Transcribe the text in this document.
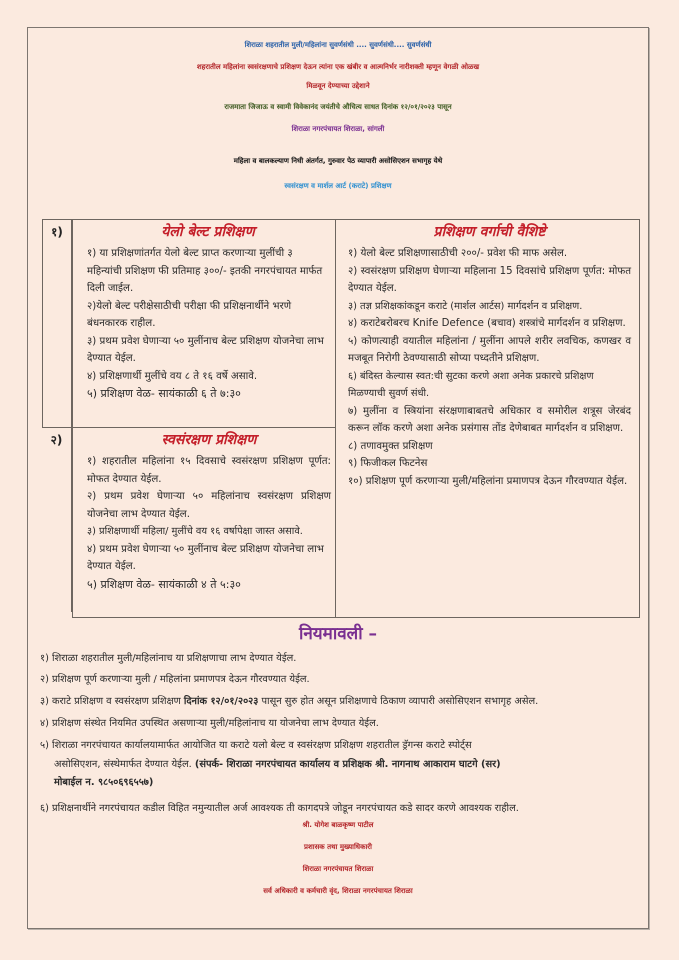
शिराळा शहरातील मुली/महिलांना सुवर्णसंधी .... सुवर्णसंधी.... सुवर्णसंधी
शहरातील महिलांना स्वसंरक्षणाचे प्रशिक्षण देऊन त्यांना एक खंबीर व आत्मनिर्भर नारीशक्ती म्हणून वेगळी ओळख
मिळवून देण्याच्या उद्देशाने
राजमाता जिजाऊ व स्वामी विवेकानंद जयंतीचे औचित्य साधत दिनांक १२/०१/२०२३ पासून
शिराळा नगरपंचायत शिराळा, सांगली
महिला व बालकल्याण निधी अंतर्गत, गुरुवार पेठ व्यापारी असोसिएशन सभागृह येथे
स्वसंरक्षण व मार्शल आर्ट (कराटे) प्रशिक्षण
१)
२)
येलो बेल्ट प्रशिक्षण

१) या प्रशिक्षणांतर्गत येलो बेल्ट प्राप्त करणाऱ्या मुलींची ३ महिन्यांची प्रशिक्षण फी प्रतिमाह ३००/- इतकी नगरपंचायत मार्फत दिली जाईल.

२)येलो बेल्ट परीक्षेसाठीची परीक्षा फी प्रशिक्षनार्थीने भरणे बंधनकारक राहील.

३) प्रथम प्रवेश घेणाऱ्या ५० मुलींनाच बेल्ट प्रशिक्षण योजनेचा लाभ देण्यात येईल.

४) प्रशिक्षणार्थी मुलींचे वय ८ ते १६ वर्षे असावे.

५) प्रशिक्षण वेळ- सायंकाळी ६ ते ७:३०

स्वसंरक्षण प्रशिक्षण

१) शहरातील महिलांना १५ दिवसाचे स्वसंरक्षण प्रशिक्षण पूर्णत: मोफत देण्यात येईल.

२) प्रथम प्रवेश घेणाऱ्या ५० महिलांनाच स्वसंरक्षण प्रशिक्षण योजनेचा लाभ देण्यात येईल.

३) प्रशिक्षणार्थी महिला/ मुलींचे वय १६ वर्षापेक्षा जास्त असावे.

४) प्रथम प्रवेश घेणाऱ्या ५० मुलींनाच बेल्ट प्रशिक्षण योजनेचा लाभ देण्यात येईल.

५) प्रशिक्षण वेळ- सायंकाळी ४ ते ५:३०

प्रशिक्षण वर्गाची वैशिष्टे

१) येलो बेल्ट प्रशिक्षणासाठीची २००/- प्रवेश फी माफ असेल.

२) स्वसंरक्षण प्रशिक्षण घेणाऱ्या महिलाना 15 दिवसांचे प्रशिक्षण पूर्णत: मोफत देण्यात येईल.

३) तज्ञ प्रशिक्षकांकडून कराटे (मार्शल आर्टस) मार्गदर्शन व प्रशिक्षण.

४) कराटेबरोबरच Knife Defence (बचाव) शस्त्रांचे मार्गदर्शन व प्रशिक्षण.

५) कोणत्याही वयातील महिलांना / मुलींना आपले शरीर लवचिक, कणखर व मजबूत निरोगी ठेवण्यासाठी सोप्या पध्दतीने प्रशिक्षण.

६) बंदिस्त केल्यास स्वत:ची सुटका करणे अशा अनेक प्रकारचे प्रशिक्षण मिळण्याची सुवर्ण संधी.

७) मुलींना व स्त्रियांना संरक्षणाबाबतचे अधिकार व समोरील शत्रूस जेरबंद करून लॉक करणे अशा अनेक प्रसंगास तोंड देणेबाबत मार्गदर्शन व प्रशिक्षण.

८) तणावमुक्त प्रशिक्षण

९) फिजीकल फिटनेस

१०) प्रशिक्षण पूर्ण करणाऱ्या मुली/महिलांना प्रमाणपत्र देऊन गौरवण्यात येईल.

नियमावली –
१) शिराळा शहरातील मुली/महिलांनाच या प्रशिक्षणाचा लाभ देण्यात येईल.
२) प्रशिक्षण पूर्ण करणाऱ्या मुली / महिलांना प्रमाणपत्र देऊन गौरवण्यात येईल.
३) कराटे प्रशिक्षण व स्वसंरक्षण प्रशिक्षण दिनांक १२/०१/२०२३ पासून सुरु होत असून प्रशिक्षणाचे ठिकाण व्यापारी असोसिएशन सभागृह असेल.
४) प्रशिक्षण संस्थेत नियमित उपस्थित असणाऱ्या मुली/महिलांनाच या योजनेचा लाभ देण्यात येईल.
५) शिराळा नगरपंचायत कार्यालयामार्फत आयोजित या कराटे यलो बेल्ट व स्वसंरक्षण प्रशिक्षण शहरातील ड्रॅगन्स कराटे स्पोर्ट्स
असोसिएशन, संस्थेमार्फत देण्यात येईल. (संपर्क- शिराळा नगरपंचायत कार्यालय व प्रशिक्षक श्री. नागनाथ आकाराम घाटगे (सर)
मोबाईल न. ९८५०६९६५५७)
६) प्रशिक्षनार्थीने नगरपंचायत कडील विहित नमुन्यातील अर्ज आवश्यक ती कागदपत्रे जोडून नगरपंचायत कडे सादर करणे आवश्यक राहील.
श्री. योगेश बाळकृष्ण पाटील
प्रशासक तथा मुख्याधिकारी
शिराळा नगरपंचायत शिराळा
सर्व अधिकारी व कर्मचारी वृंद, शिराळा नगरपंचायत शिराळा
